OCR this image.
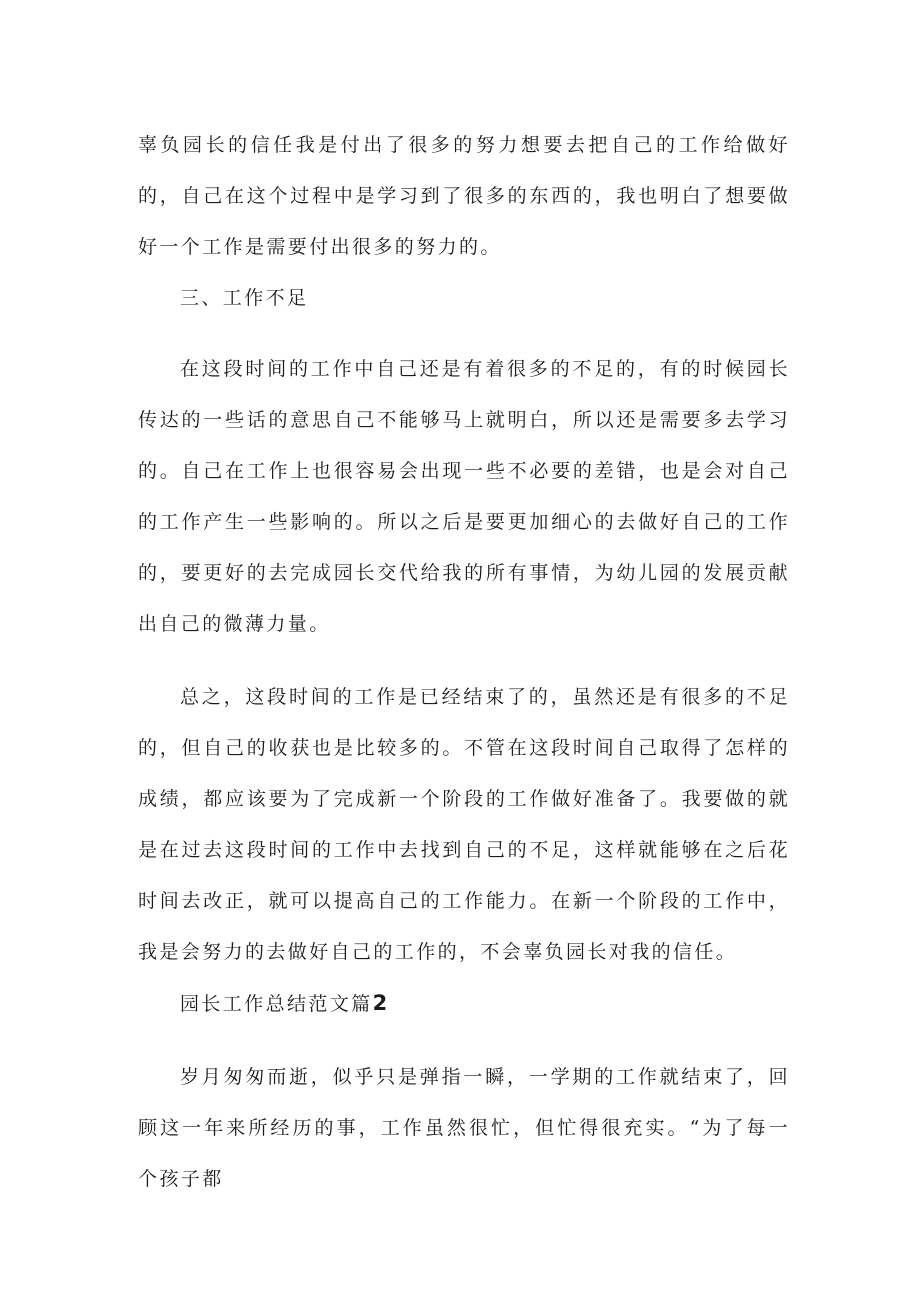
辜负园长的信任我是付出了很多的努力想要去把自己的工作给做好的，自己在这个过程中是学习到了很多的东西的，我也明白了想要做好一个工作是需要付出很多的努力的。

三、工作不足

在这段时间的工作中自己还是有着很多的不足的，有的时候园长传达的一些话的意思自己不能够马上就明白，所以还是需要多去学习的。自己在工作上也很容易会出现一些不必要的差错，也是会对自己的工作产生一些影响的。所以之后是要更加细心的去做好自己的工作的，要更好的去完成园长交代给我的所有事情，为幼儿园的发展贡献出自己的微薄力量。

总之，这段时间的工作是已经结束了的，虽然还是有很多的不足的，但自己的收获也是比较多的。不管在这段时间自己取得了怎样的成绩，都应该要为了完成新一个阶段的工作做好准备了。我要做的就是在过去这段时间的工作中去找到自己的不足，这样就能够在之后花时间去改正，就可以提高自己的工作能力。在新一个阶段的工作中，我是会努力的去做好自己的工作的，不会辜负园长对我的信任。

园长工作总结范文篇2

岁月匆匆而逝，似乎只是弹指一瞬，一学期的工作就结束了，回顾这一年来所经历的事，工作虽然很忙，但忙得很充实。“为了每一个孩子都
